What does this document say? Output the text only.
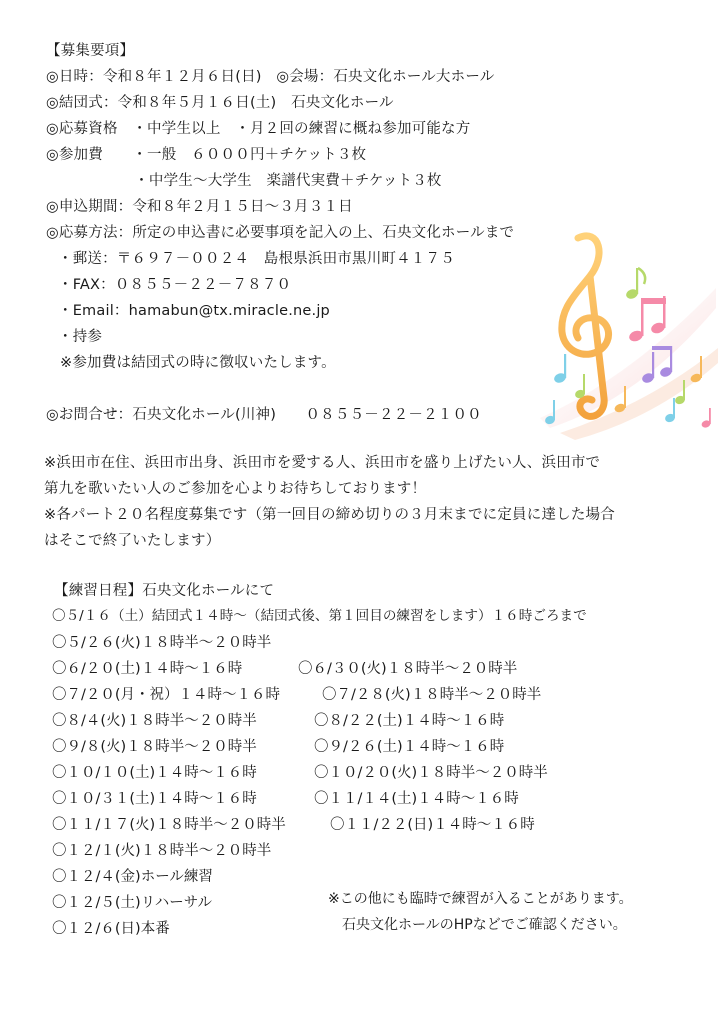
【募集要項】
◎日時：令和８年１２月６日(日)　◎会場：石央文化ホール大ホール
◎結団式：令和８年５月１６日(土)　石央文化ホール
◎応募資格　・中学生以上　・月２回の練習に概ね参加可能な方
◎参加費　　・一般　６０００円＋チケット３枚
　　　　　　・中学生～大学生　楽譜代実費＋チケット３枚
◎申込期間：令和８年２月１５日～３月３１日
◎応募方法：所定の申込書に必要事項を記入の上、石央文化ホールまで
・郵送：〒６９７－００２４　島根県浜田市黒川町４１７５
・FAX：０８５５－２２－７８７０
・Email：hamabun@tx.miracle.ne.jp
・持参
※参加費は結団式の時に徴収いたします。
◎お問合せ：石央文化ホール(川神)　　０８５５－２２－２１００
※浜田市在住、浜田市出身、浜田市を愛する人、浜田市を盛り上げたい人、浜田市で
第九を歌いたい人のご参加を心よりお待ちしております！
※各パート２０名程度募集です（第一回目の締め切りの３月末までに定員に達した場合
はそこで終了いたします）
【練習日程】石央文化ホールにて
〇５/１６（土）結団式１４時～（結団式後、第１回目の練習をします）１６時ごろまで
〇５/２６(火)１８時半～２０時半
〇６/２０(土)１４時～１６時	〇６/３０(火)１８時半～２０時半
〇７/２０(月・祝）１４時～１６時	〇７/２８(火)１８時半～２０時半
〇８/４(火)１８時半～２０時半	〇８/２２(土)１４時～１６時
〇９/８(火)１８時半～２０時半	〇９/２６(土)１４時～１６時
〇１０/１０(土)１４時～１６時	〇１０/２０(火)１８時半～２０時半
〇１０/３１(土)１４時～１６時	〇１１/１４(土)１４時～１６時
〇１１/１７(火)１８時半～２０時半	〇１１/２２(日)１４時～１６時
〇１２/１(火)１８時半～２０時半
〇１２/４(金)ホール練習
〇１２/５(土)リハーサル
〇１２/６(日)本番
※この他にも臨時で練習が入ることがあります。
石央文化ホールのHPなどでご確認ください。
